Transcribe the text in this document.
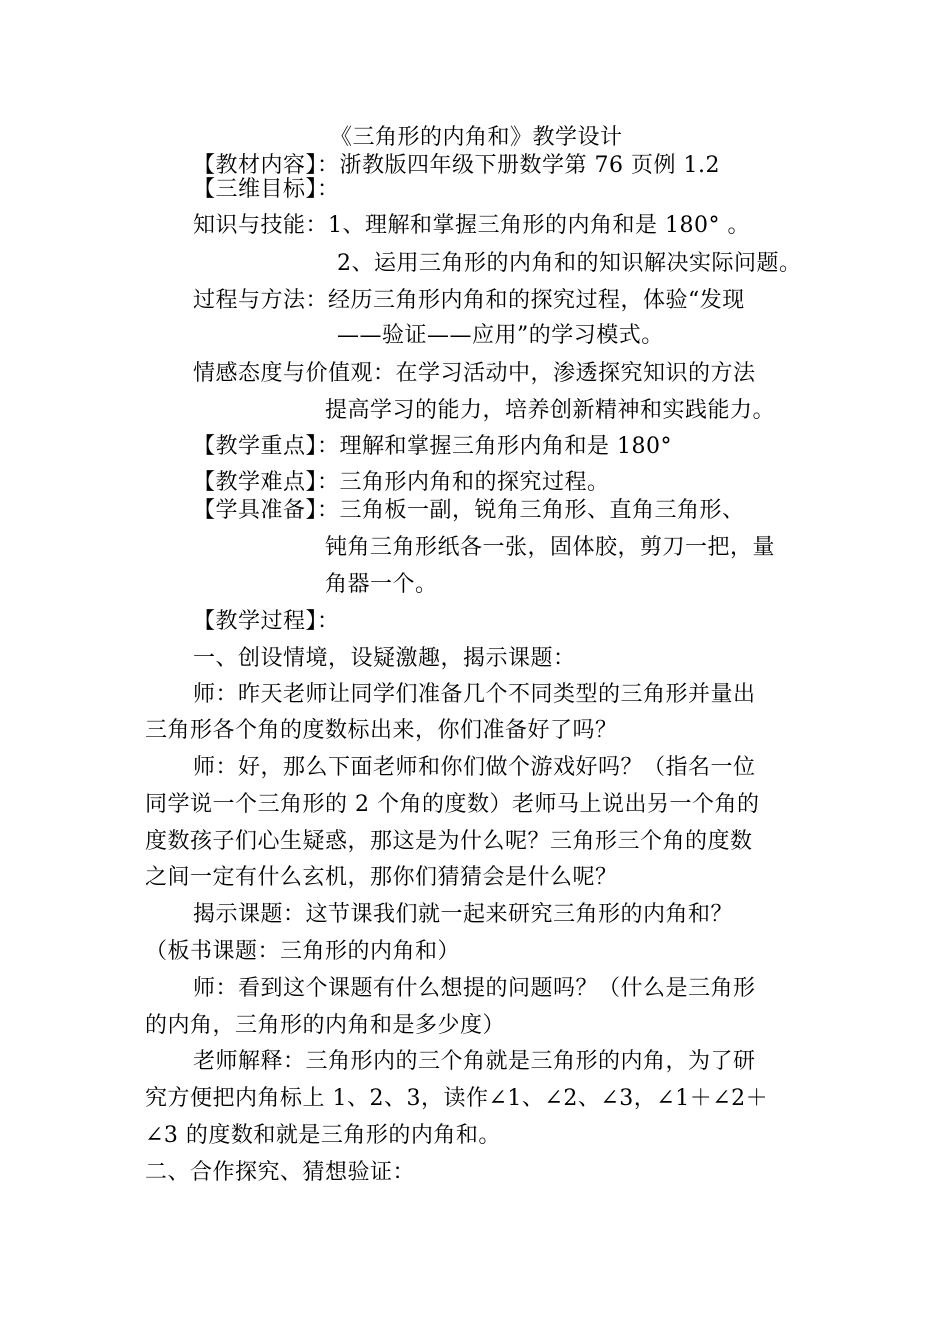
《三角形的内角和》教学设计
【教材内容】：浙教版四年级下册数学第 76 页例 1.2
【三维目标】：
知识与技能：1、理解和掌握三角形的内角和是 180° 。
2、运用三角形的内角和的知识解决实际问题。
过程与方法：经历三角形内角和的探究过程，体验“发现
——验证——应用”的学习模式。
情感态度与价值观：在学习活动中，渗透探究知识的方法
提高学习的能力，培养创新精神和实践能力。
【教学重点】：理解和掌握三角形内角和是 180°
【教学难点】：三角形内角和的探究过程。
【学具准备】：三角板一副，锐角三角形、直角三角形、
钝角三角形纸各一张，固体胶，剪刀一把，量
角器一个。
【教学过程】：
一、创设情境，设疑激趣，揭示课题：
师：昨天老师让同学们准备几个不同类型的三角形并量出
三角形各个角的度数标出来，你们准备好了吗？
师：好，那么下面老师和你们做个游戏好吗？（指名一位
同学说一个三角形的 2 个角的度数）老师马上说出另一个角的
度数孩子们心生疑惑，那这是为什么呢？三角形三个角的度数
之间一定有什么玄机，那你们猜猜会是什么呢？
揭示课题：这节课我们就一起来研究三角形的内角和？
（板书课题：三角形的内角和）
师：看到这个课题有什么想提的问题吗？（什么是三角形
的内角，三角形的内角和是多少度）
老师解释：三角形内的三个角就是三角形的内角，为了研
究方便把内角标上 1、2、3，读作∠1、∠2、∠3，∠1＋∠2＋
∠3 的度数和就是三角形的内角和。
二、合作探究、猜想验证：
